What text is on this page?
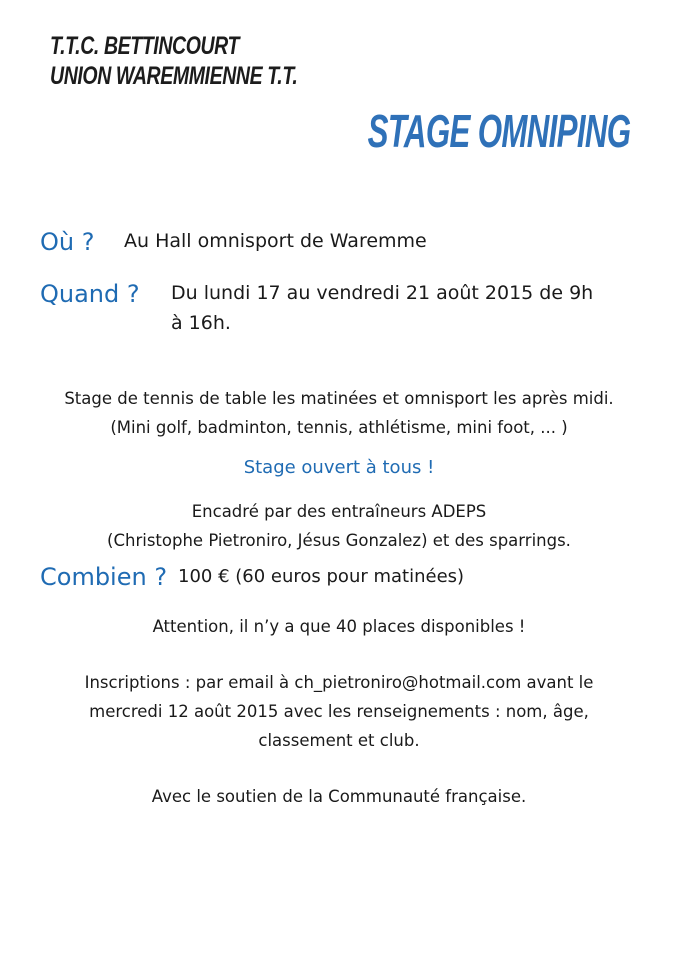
T.T.C. BETTINCOURT
UNION WAREMMIENNE T.T.
STAGE OMNIPING
Où ? Au Hall omnisport de Waremme
Quand ? Du lundi 17 au vendredi 21 août 2015 de 9h
à 16h.
Stage de tennis de table les matinées et omnisport les après midi.
(Mini golf, badminton, tennis, athlétisme, mini foot, ... )
Stage ouvert à tous !
Encadré par des entraîneurs ADEPS
(Christophe Pietroniro, Jésus Gonzalez) et des sparrings.
Combien ? 100 € (60 euros pour matinées)
Attention, il n’y a que 40 places disponibles !
Inscriptions : par email à ch_pietroniro@hotmail.com avant le
mercredi 12 août 2015 avec les renseignements : nom, âge,
classement et club.
Avec le soutien de la Communauté française.
